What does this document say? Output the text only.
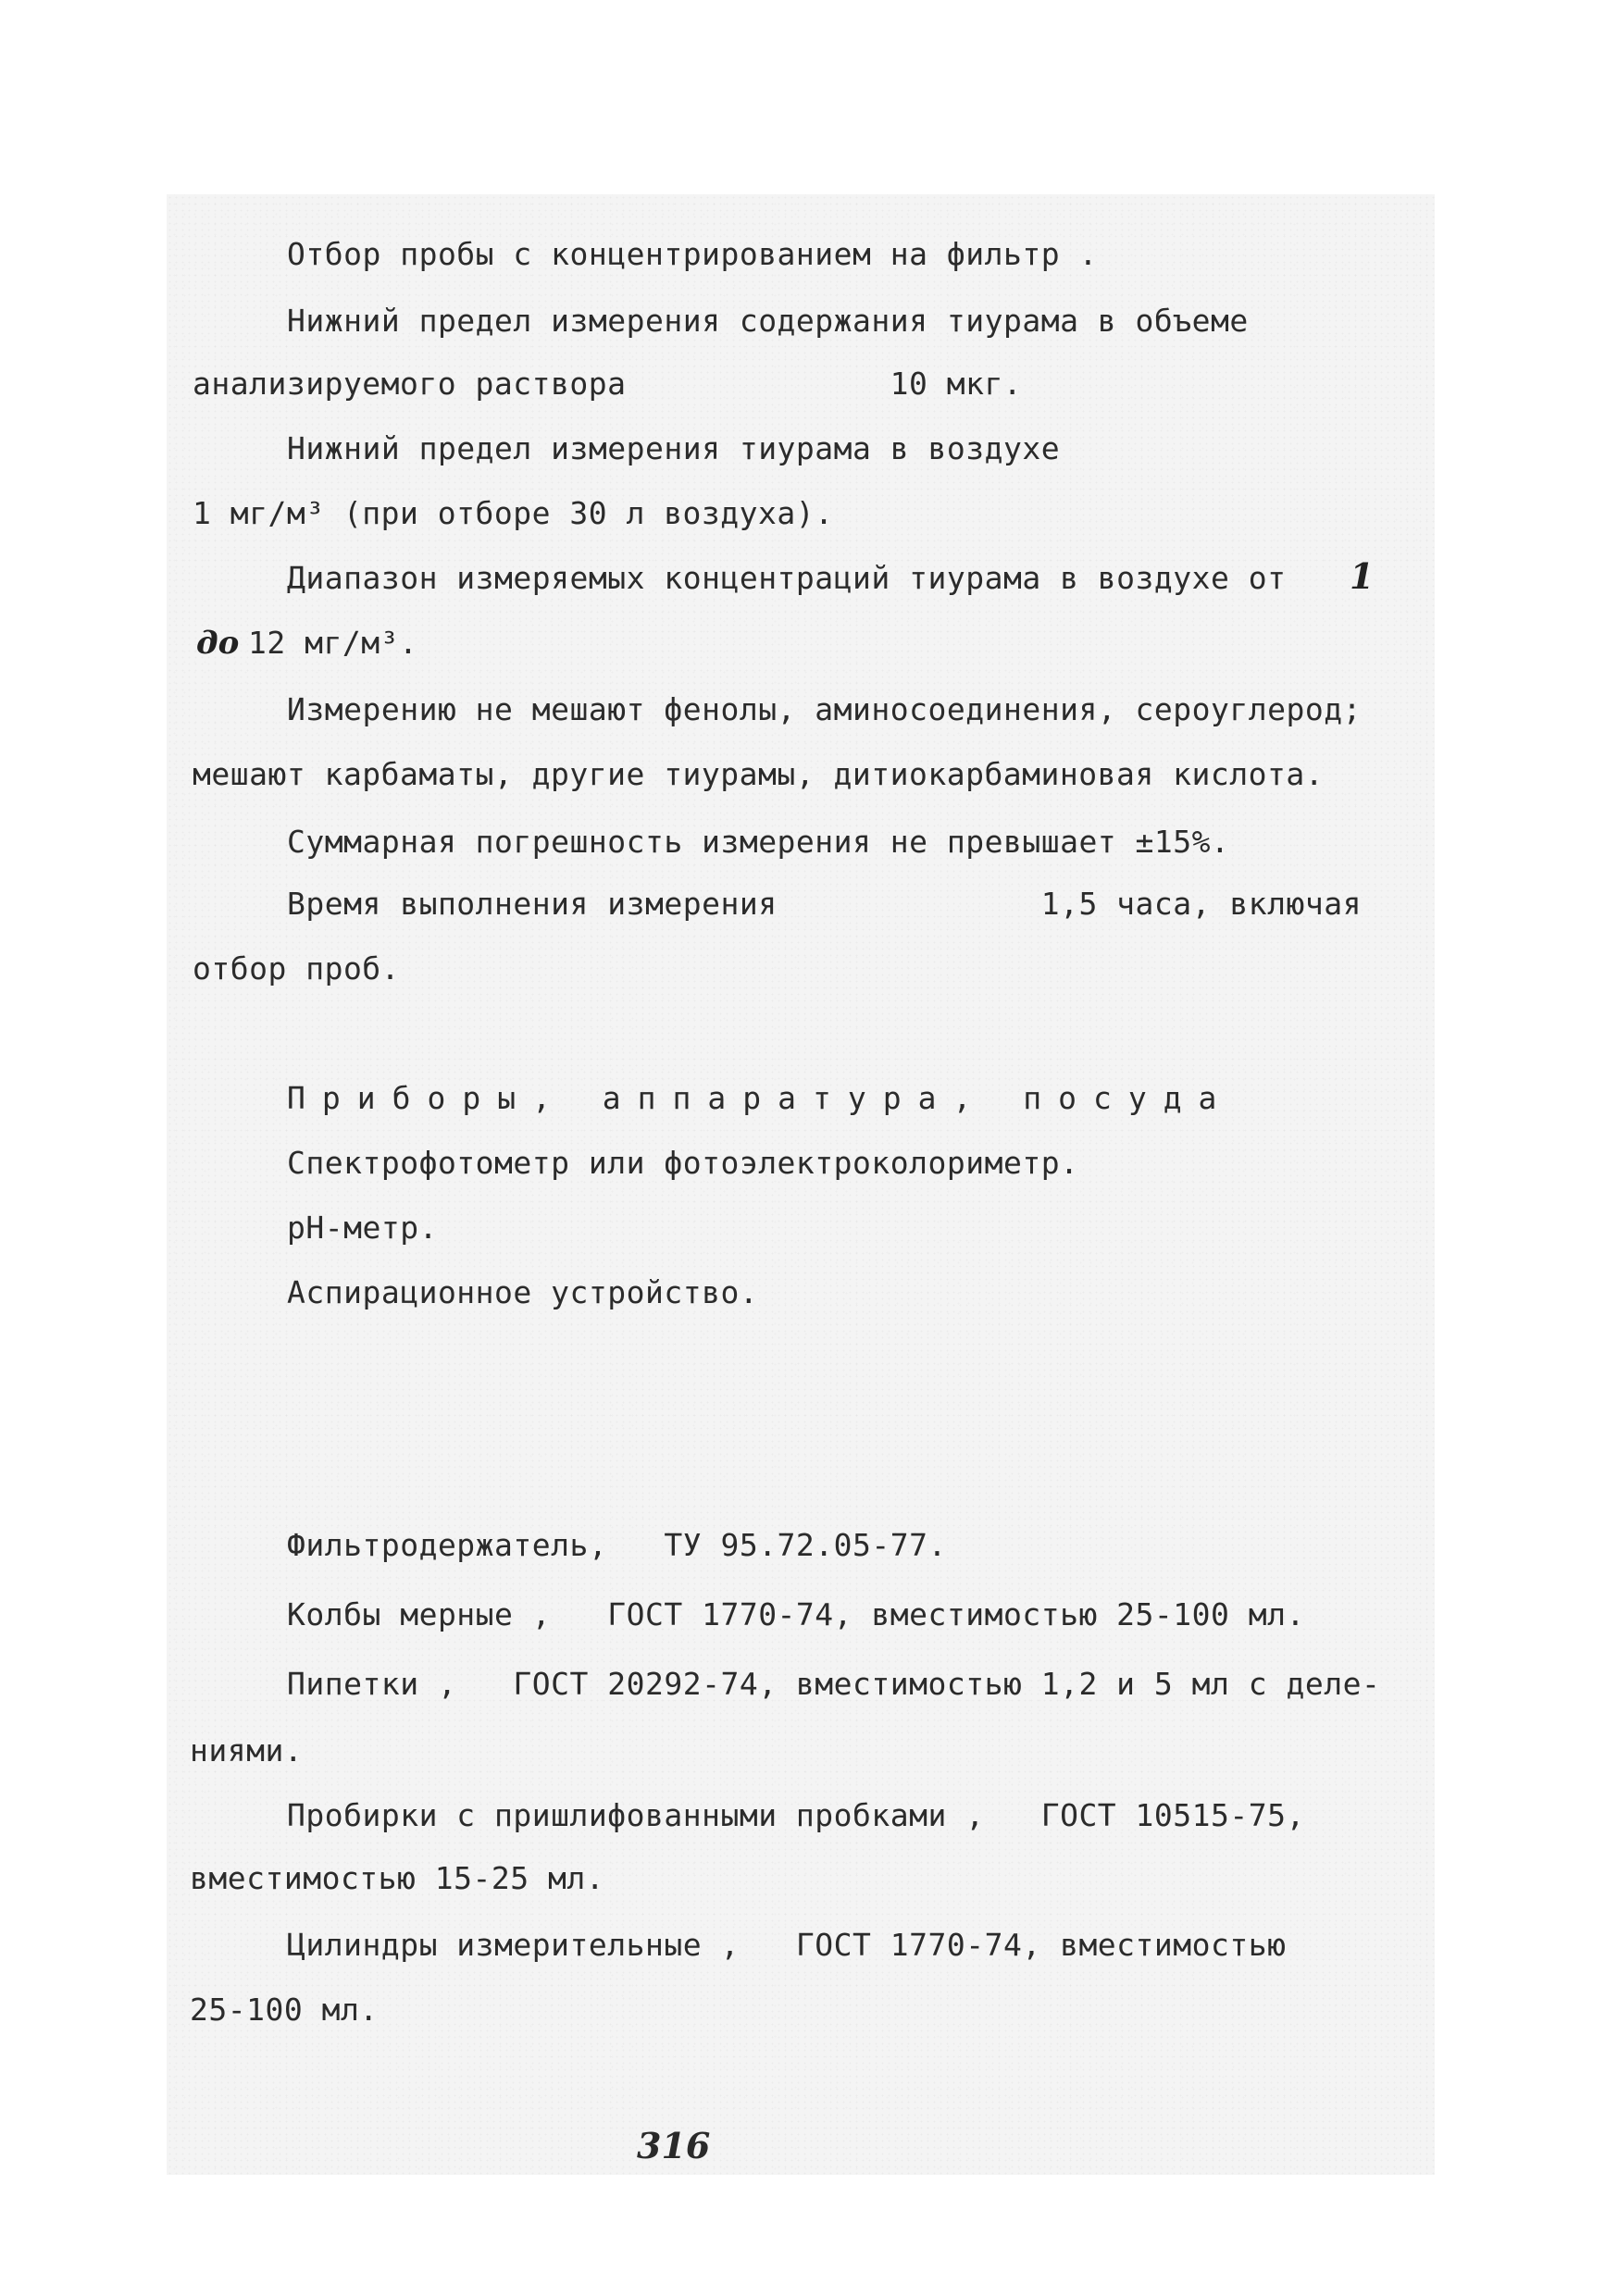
Отбор пробы с концентрированием на фильтр .
Нижний предел измерения содержания тиурама в объеме
анализируемого раствора              10 мкг.
Нижний предел измерения тиурама в воздухе
1 мг/м³ (при отборе 30 л воздуха).
Диапазон измеряемых концентраций тиурама в воздухе от 1
до 12 мг/м³.
Измерению не мешают фенолы, аминосоединения, сероуглерод;
мешают карбаматы, другие тиурамы, дитиокарбаминовая кислота.
Суммарная погрешность измерения не превышает ±15%.
Время выполнения измерения              1,5 часа, включая
отбор проб.
Приборы, аппаратура, посуда
Спектрофотометр или фотоэлектроколориметр.
pH-метр.
Аспирационное устройство.
Фильтродержатель,   ТУ 95.72.05-77.
Колбы мерные ,   ГОСТ 1770-74, вместимостью 25-100 мл.
Пипетки ,   ГОСТ 20292-74, вместимостью 1,2 и 5 мл с деле-
ниями.
Пробирки с пришлифованными пробками ,   ГОСТ 10515-75,
вместимостью 15-25 мл.
Цилиндры измерительные ,   ГОСТ 1770-74, вместимостью
25-100 мл.
316
